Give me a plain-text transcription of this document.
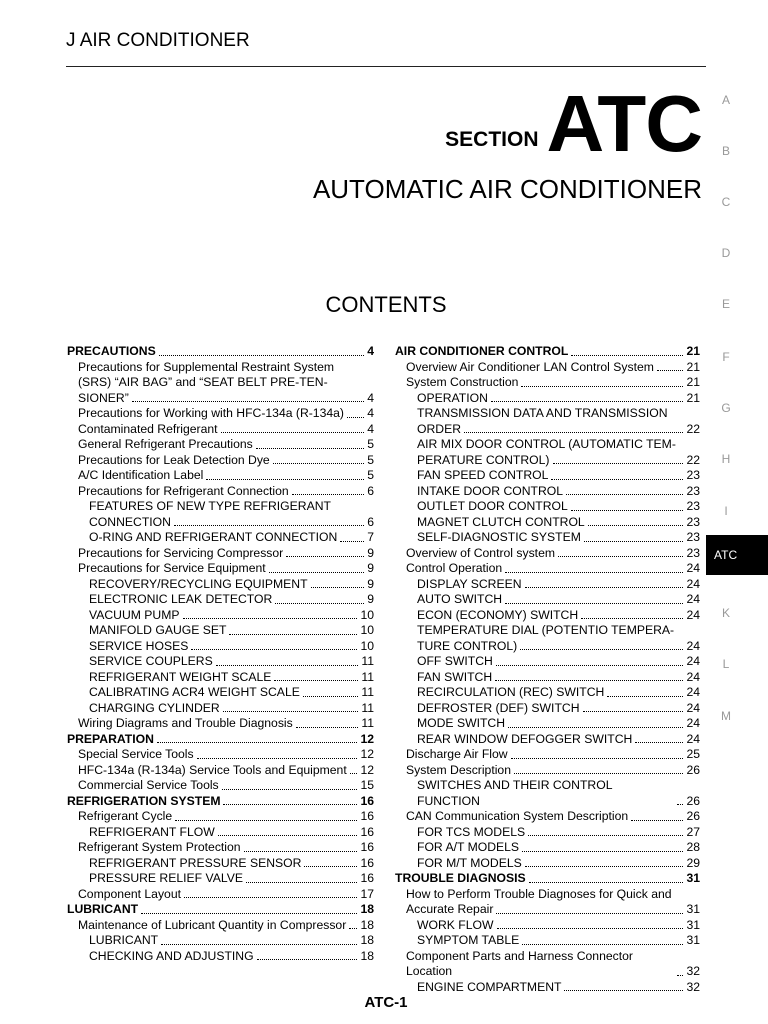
J AIR CONDITIONER
SECTION ATC
AUTOMATIC AIR CONDITIONER
CONTENTS
PRECAUTIONS	4
Precautions for Supplemental Restraint System
(SRS) “AIR BAG” and “SEAT BELT PRE-TEN-
SIONER”	4
Precautions for Working with HFC-134a (R-134a) 4
Contaminated Refrigerant	4
General Refrigerant Precautions	5
Precautions for Leak Detection Dye	5
A/C Identification Label	5
Precautions for Refrigerant Connection	6
FEATURES OF NEW TYPE REFRIGERANT
CONNECTION	6
O-RING AND REFRIGERANT CONNECTION 7
Precautions for Servicing Compressor	9
Precautions for Service Equipment	9
RECOVERY/RECYCLING EQUIPMENT	9
ELECTRONIC LEAK DETECTOR	9
VACUUM PUMP	10
MANIFOLD GAUGE SET	10
SERVICE HOSES	10
SERVICE COUPLERS	11
REFRIGERANT WEIGHT SCALE	11
CALIBRATING ACR4 WEIGHT SCALE	11
CHARGING CYLINDER	11
Wiring Diagrams and Trouble Diagnosis	11
PREPARATION	12
Special Service Tools	12
HFC-134a (R-134a) Service Tools and Equipment 12
Commercial Service Tools	15
REFRIGERATION SYSTEM	16
Refrigerant Cycle	16
REFRIGERANT FLOW	16
Refrigerant System Protection	16
REFRIGERANT PRESSURE SENSOR	16
PRESSURE RELIEF VALVE	16
Component Layout	17
LUBRICANT	18
Maintenance of Lubricant Quantity in Compressor 18
LUBRICANT	18
CHECKING AND ADJUSTING	18
AIR CONDITIONER CONTROL	21
Overview Air Conditioner LAN Control System	21
System Construction	21
OPERATION	21
TRANSMISSION DATA AND TRANSMISSION
ORDER	22
AIR MIX DOOR CONTROL (AUTOMATIC TEM-
PERATURE CONTROL)	22
FAN SPEED CONTROL	23
INTAKE DOOR CONTROL	23
OUTLET DOOR CONTROL	23
MAGNET CLUTCH CONTROL	23
SELF-DIAGNOSTIC SYSTEM	23
Overview of Control system	23
Control Operation	24
DISPLAY SCREEN	24
AUTO SWITCH	24
ECON (ECONOMY) SWITCH	24
TEMPERATURE DIAL (POTENTIO TEMPERA-
TURE CONTROL)	24
OFF SWITCH	24
FAN SWITCH	24
RECIRCULATION (REC) SWITCH	24
DEFROSTER (DEF) SWITCH	24
MODE SWITCH	24
REAR WINDOW DEFOGGER SWITCH	24
Discharge Air Flow	25
System Description	26
SWITCHES AND THEIR CONTROL FUNCTION	26
CAN Communication System Description	26
FOR TCS MODELS	27
FOR A/T MODELS	28
FOR M/T MODELS	29
TROUBLE DIAGNOSIS	31
How to Perform Trouble Diagnoses for Quick and
Accurate Repair	31
WORK FLOW	31
SYMPTOM TABLE	31
Component Parts and Harness Connector Location	32
ENGINE COMPARTMENT	32
A
B
C
D
E
F
G
H
I
ATC
K
L
M
ATC-1
